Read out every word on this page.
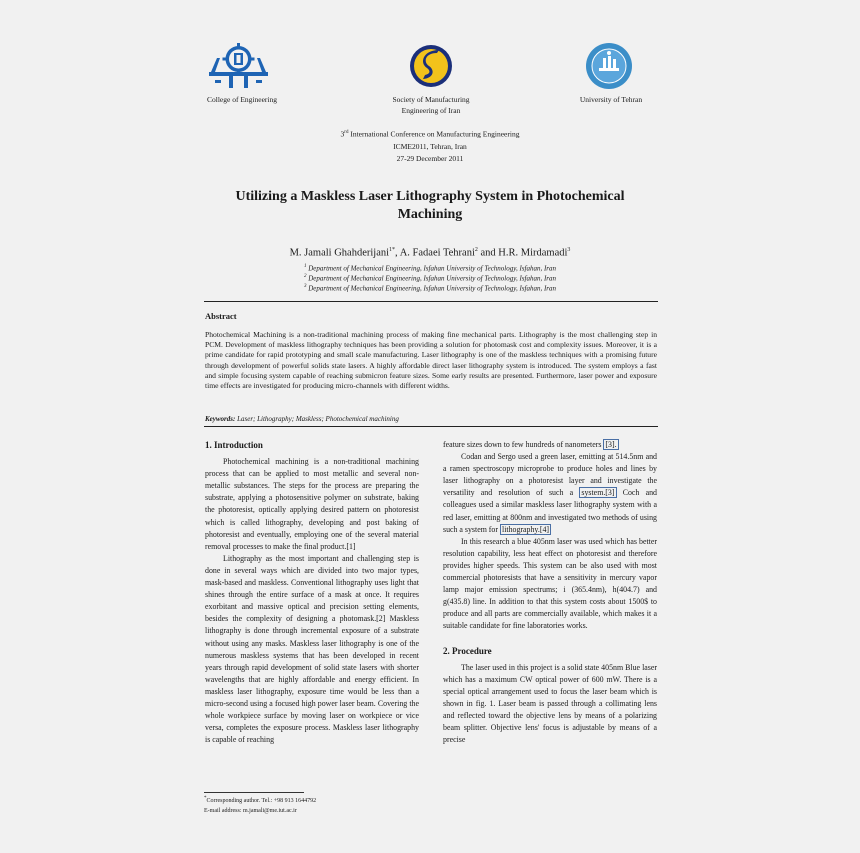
College of Engineering	Society of Manufacturing Engineering of Iran
University of Tehran
3rd International Conference on Manufacturing Engineering
ICME2011, Tehran, Iran
27-29 December 2011
Utilizing a Maskless Laser Lithography System in Photochemical
Machining
M. Jamali Ghahderijani$^{1*}$, A. Fadaei Tehrani$^2$ and H.R. Mirdamadi$^3$
$^1$ Department of Mechanical Engineering, Isfahan University of Technology, Isfahan, Iran
$^2$ Department of Mechanical Engineering, Isfahan University of Technology, Isfahan, Iran
$^3$ Department of Mechanical Engineering, Isfahan University of Technology, Isfahan, Iran
Abstract
Photochemical Machining is a non-traditional machining process of making fine mechanical parts. Lithography is the most challenging step in PCM. Development of maskless lithography techniques has been providing a solution for photomask cost and complexity issues. Moreover, it is a prime candidate for rapid prototyping and small scale manufacturing. Laser lithography is one of the maskless techniques with a promising future through development of powerful solids state lasers. A highly affordable direct laser lithography system is introduced. The system employs a fast and simple focusing system capable of reaching submicron feature sizes. Some early results are presented. Furthermore, laser power and exposure time effects are investigated for producing micro-channels with different widths.
Keywords: Laser; Lithography; Maskless; Photochemical machining
1. Introduction

Photochemical machining is a non-traditional machining process that can be applied to most metallic and several non-metallic substances. The steps for the process are preparing the substrate, applying a photosensitive polymer on substrate, baking the photoresist, optically applying desired pattern on photoresist which is called lithography, developing and post baking of photoresist and eventually, employing one of the several material removal processes to make the final product.[1]

Lithography as the most important and challenging step is done in several ways which are divided into two major types, mask-based and maskless. Conventional lithography uses light that shines through the entire surface of a mask at once. It requires exorbitant and massive optical and precision setting elements, besides the complexity of designing a photomask.[2] Maskless lithography is done through incremental exposure of a substrate without using any masks. Maskless laser lithography is one of the numerous maskless systems that has been developed in recent years through rapid development of solid state lasers with shorter wavelengths that are highly affordable and energy efficient. In maskless laser lithography, exposure time would be less than a micro-second using a focused high power laser beam. Covering the whole workpiece surface by moving laser on workpiece or vice versa, completes the exposure process. Maskless laser lithography is capable of reaching

feature sizes down to few hundreds of nanometers [3].

Codan and Sergo used a green laser, emitting at 514.5nm and a ramen spectroscopy microprobe to produce holes and lines by laser lithography on a photoresist layer and investigate the versatility and resolution of such a system.[3] Coch and colleagues used a similar maskless laser lithography system with a red laser, emitting at 800nm and investigated two methods of using such a system for lithography.[4]

In this research a blue 405nm laser was used which has better resolution capability, less heat effect on photoresist and therefore provides higher speeds. This system can be also used with most commercial photoresists that have a sensitivity in mercury vapor lamp major emission spectrums; i (365.4nm), h(404.7) and g(435.8) line. In addition to that this system costs about 1500$ to produce and all parts are commercially available, which makes it a suitable candidate for fine laboratories works.

2. Procedure

The laser used in this project is a solid state 405nm Blue laser which has a maximum CW optical power of 600 mW. There is a special optical arrangement used to focus the laser beam which is shown in fig. 1. Laser beam is passed through a collimating lens and reflected toward the objective lens by means of a polarizing beam splitter. Objective lens' focus is adjustable by means of a precise

*Corresponding author. Tel.: +98 913 1644792
E-mail address: m.jamali@me.iut.ac.ir
